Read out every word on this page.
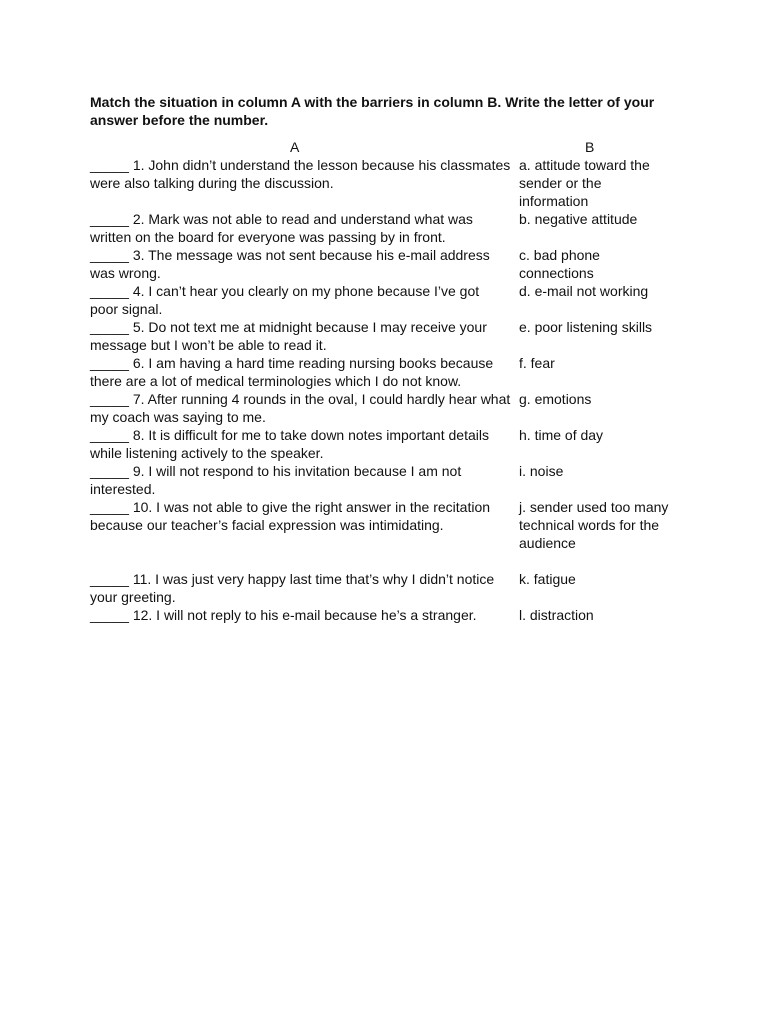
Match the situation in column A with the barriers in column B. Write the letter of your answer before the number.

A	B
_____ 1. John didn’t understand the lesson because his classmates were also talking during the discussion.
a. attitude toward the sender or the information
_____ 2. Mark was not able to read and understand what was written on the board for everyone was passing by in front.
b. negative attitude
_____ 3. The message was not sent because his e-mail address was wrong.
c. bad phone connections
_____ 4. I can’t hear you clearly on my phone because I’ve got poor signal.
d. e-mail not working
_____ 5. Do not text me at midnight because I may receive your message but I won’t be able to read it.
e. poor listening skills
_____ 6. I am having a hard time reading nursing books because there are a lot of medical terminologies which I do not know.
f. fear
_____ 7. After running 4 rounds in the oval, I could hardly hear what my coach was saying to me.
g. emotions
_____ 8. It is difficult for me to take down notes important details while listening actively to the speaker.
h. time of day
_____ 9. I will not respond to his invitation because I am not interested.
i. noise
_____ 10. I was not able to give the right answer in the recitation because our teacher’s facial expression was intimidating.
j. sender used too many technical words for the audience
_____ 11. I was just very happy last time that’s why I didn’t notice your greeting.
k. fatigue
_____ 12. I will not reply to his e-mail because he’s a stranger.	l. distraction
